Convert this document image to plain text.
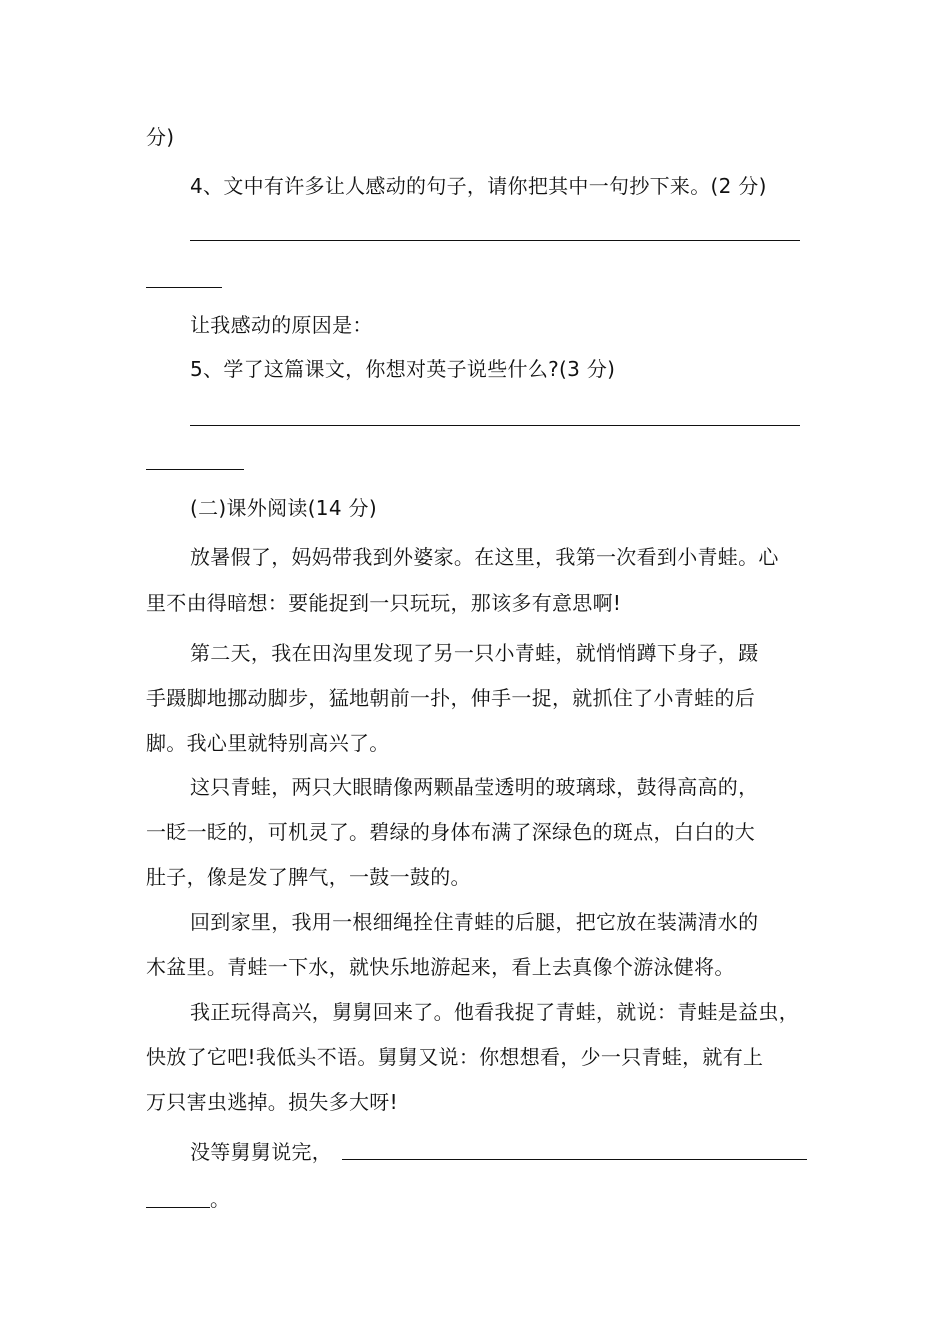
分)
4、文中有许多让人感动的句子，请你把其中一句抄下来。(2 分)
让我感动的原因是：
5、学了这篇课文，你想对英子说些什么?(3 分)
(二)课外阅读(14 分)
放暑假了，妈妈带我到外婆家。在这里，我第一次看到小青蛙。心
里不由得暗想：要能捉到一只玩玩，那该多有意思啊!
第二天，我在田沟里发现了另一只小青蛙，就悄悄蹲下身子，蹑
手蹑脚地挪动脚步，猛地朝前一扑，伸手一捉，就抓住了小青蛙的后
脚。我心里就特别高兴了。
这只青蛙，两只大眼睛像两颗晶莹透明的玻璃球，鼓得高高的，
一眨一眨的，可机灵了。碧绿的身体布满了深绿色的斑点，白白的大
肚子，像是发了脾气，一鼓一鼓的。
回到家里，我用一根细绳拴住青蛙的后腿，把它放在装满清水的
木盆里。青蛙一下水，就快乐地游起来，看上去真像个游泳健将。
我正玩得高兴，舅舅回来了。他看我捉了青蛙，就说：青蛙是益虫，
快放了它吧!我低头不语。舅舅又说：你想想看，少一只青蛙，就有上
万只害虫逃掉。损失多大呀!
没等舅舅说完，
。
